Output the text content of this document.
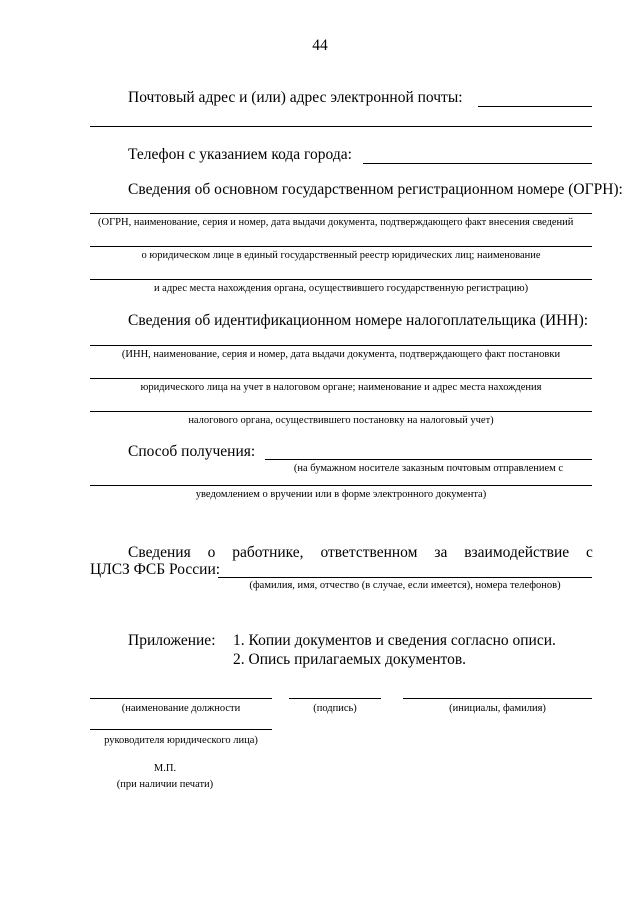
44
Почтовый адрес и (или) адрес электронной почты:
Телефон с указанием кода города:
Сведения об основном государственном регистрационном номере (ОГРН):
(ОГРН, наименование, серия и номер, дата выдачи документа, подтверждающего факт внесения сведений
о юридическом лице в единый государственный реестр юридических лиц; наименование
и адрес места нахождения органа, осуществившего государственную регистрацию)
Сведения об идентификационном номере налогоплательщика (ИНН):
(ИНН, наименование, серия и номер, дата выдачи документа, подтверждающего факт постановки
юридического лица на учет в налоговом органе; наименование и адрес места нахождения
налогового органа, осуществившего постановку на налоговый учет)
Способ получения:
(на бумажном носителе заказным почтовым отправлением с
уведомлением о вручении или в форме электронного документа)
Сведения о работнике, ответственном за взаимодействие с
ЦЛСЗ ФСБ России:
(фамилия, имя, отчество (в случае, если имеется), номера телефонов)
Приложение: 1. Копии документов и сведения согласно описи.
2. Опись прилагаемых документов.
(наименование должности	(подпись)	(инициалы, фамилия)
руководителя юридического лица)
М.П.
(при наличии печати)
